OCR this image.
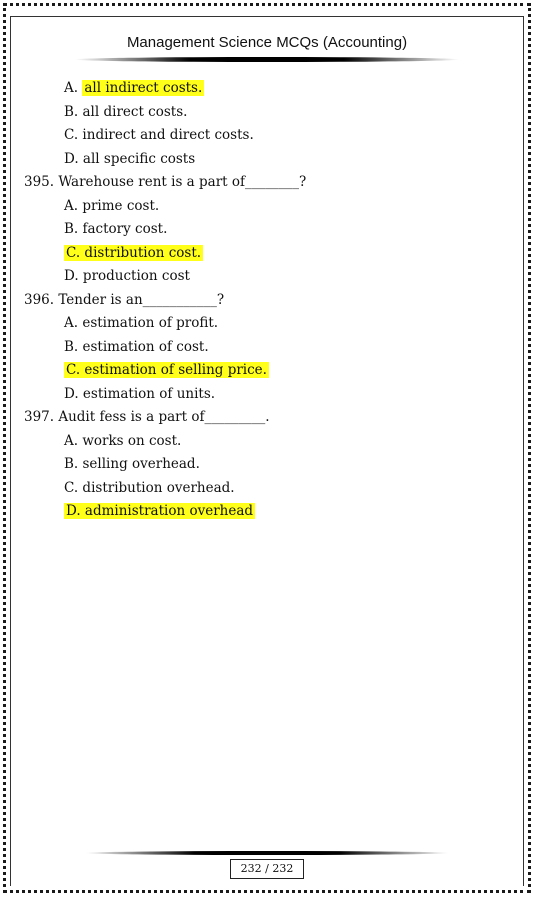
Management Science MCQs (Accounting)
A. all indirect costs.
B. all direct costs.
C. indirect and direct costs.
D. all specific costs
395. Warehouse rent is a part of________?
A. prime cost.
B. factory cost.
C. distribution cost.
D. production cost
396. Tender is an___________?
A. estimation of profit.
B. estimation of cost.
C. estimation of selling price.
D. estimation of units.
397. Audit fess is a part of_________.
A. works on cost.
B. selling overhead.
C. distribution overhead.
D. administration overhead
232 / 232
